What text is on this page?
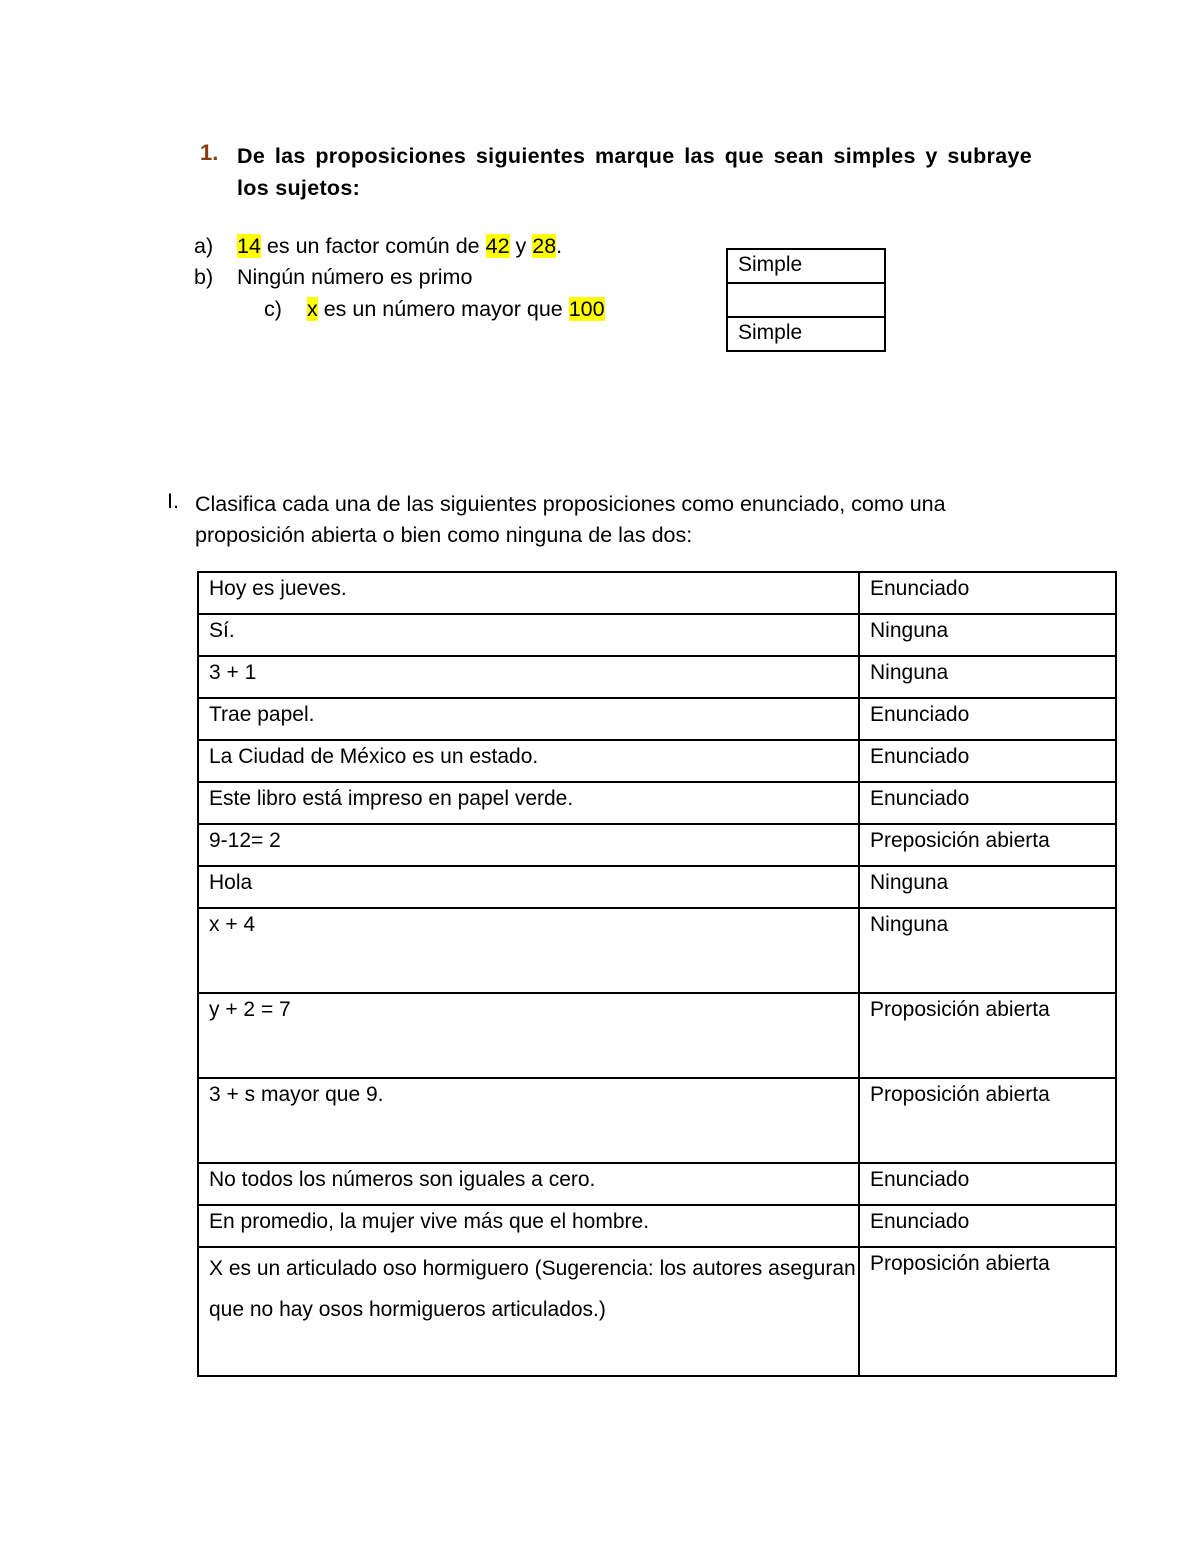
1. De las proposiciones siguientes marque las que sean simples y subraye los sujetos:
a) 14 es un factor común de 42 y 28.
b) Ningún número es primo
c) x es un número mayor que 100
Simple

Simple
I. Clasifica cada una de las siguientes proposiciones como enunciado, como una proposición abierta o bien como ninguna de las dos:
Hoy es jueves.	Enunciado
Sí.	Ninguna
3 + 1	Ninguna
Trae papel.	Enunciado
La Ciudad de México es un estado.	Enunciado
Este libro está impreso en papel verde.	Enunciado
9-12= 2	Preposición abierta
Hola	Ninguna
x + 4	Ninguna
y + 2 = 7	Proposición abierta
3 + s mayor que 9.	Proposición abierta
No todos los números son iguales a cero.	Enunciado
En promedio, la mujer vive más que el hombre.	Enunciado
X es un articulado oso hormiguero (Sugerencia: los autores aseguran que no hay osos hormigueros articulados.)	Proposición abierta
